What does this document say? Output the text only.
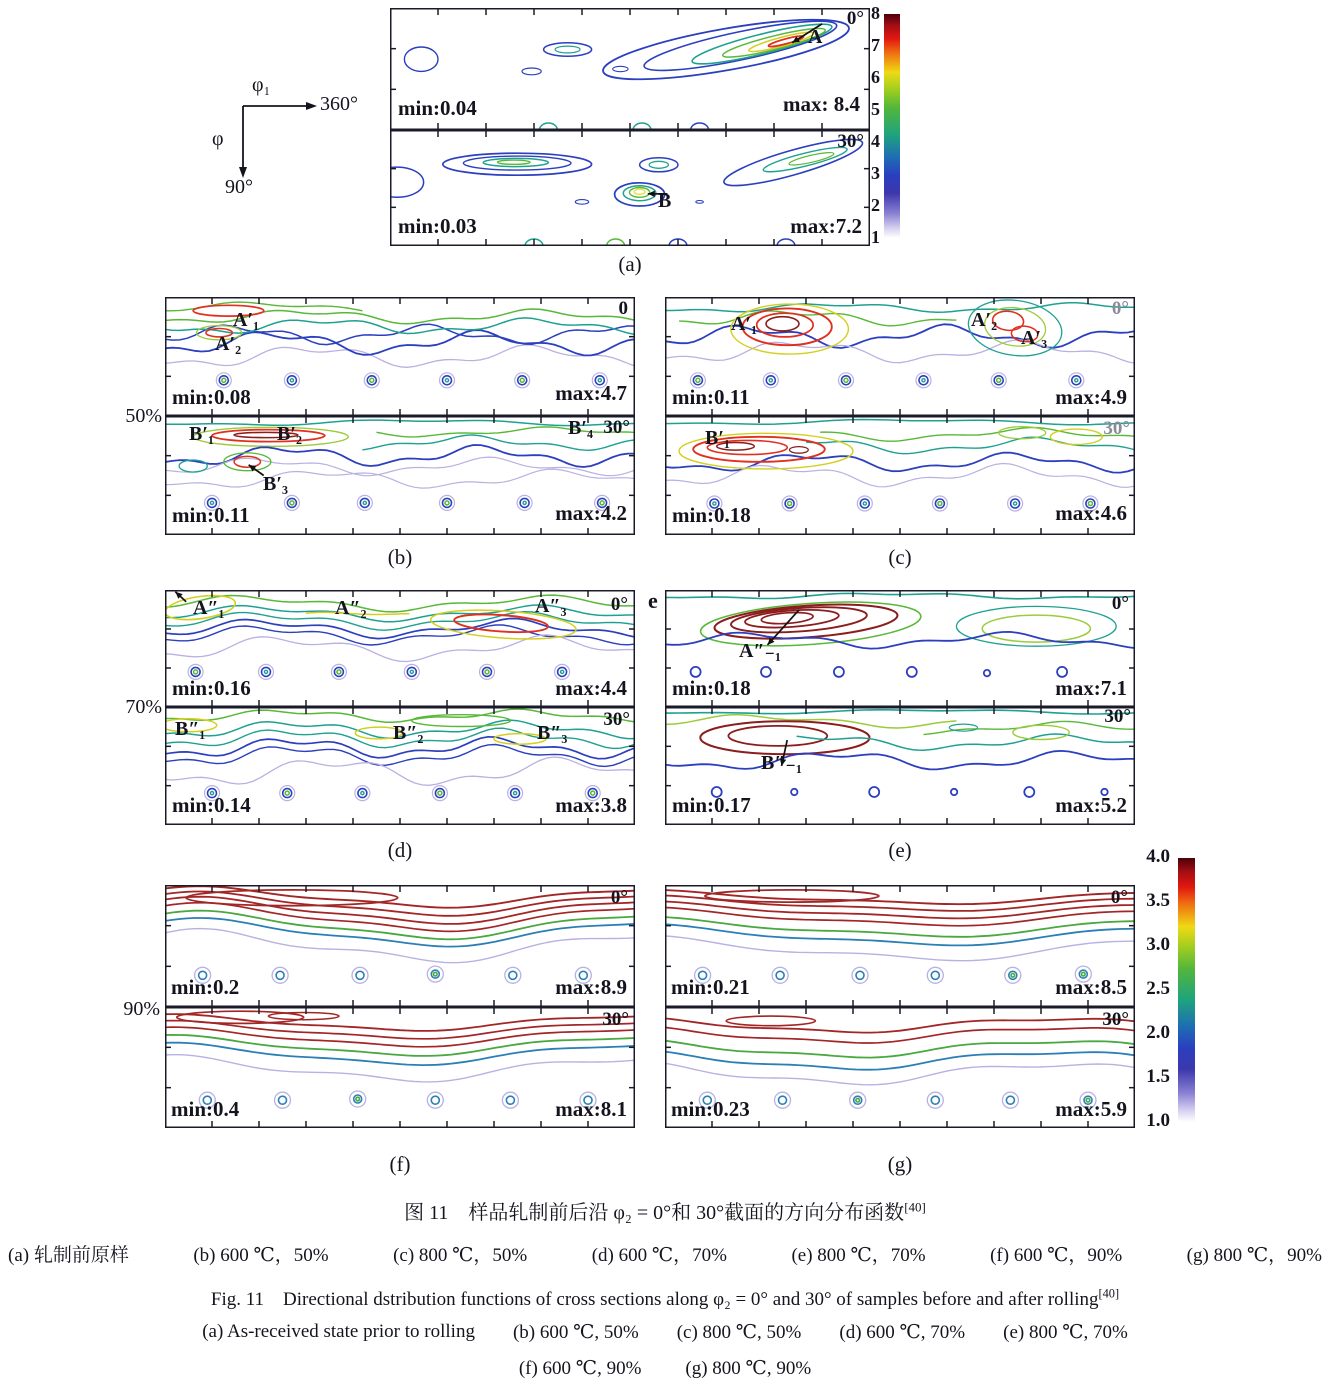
φ₁
360°
φ
90°
0°
A
min:0.04	max: 8.4
30°
B
min:0.03	max:7.2
8
7
6
5
4
3
2
1
(a)
50%
0
A′₁
A′₂
min:0.08	max:4.7
30°
B′₄
B′₁	B′₂
B′₃
min:0.11	max:4.2
0°
A′₁	A′₂
A′₃
min:0.11	max:4.9
30°
B′₁
min:0.18	max:4.6
(b)	(c)
70%
e
0°
A″₁	A″₂	A″₃
min:0.16	max:4.4
30°
B″₁	B″₂	B″₃
min:0.14	max:3.8
0°
A″₋₁
min:0.18	max:7.1
30°
B″₋₁
min:0.17	max:5.2
(d)	(e)
90%
0°
min:0.2	max:8.9
30°
min:0.4	max:8.1
0°
min:0.21	max:8.5
30°
min:0.23	max:5.9
4.0
3.5
3.0
2.5
2.0
1.5
1.0
(f)	(g)
图 11　样品轧制前后沿 φ₂ = 0°和 30°截面的方向分布函数[40]
(a) 轧制前原样	(b) 600 ℃，50%	(c) 800 ℃，50%	(d) 600 ℃，70%	(e) 800 ℃，70%	(f) 600 ℃，90%	(g) 800 ℃，90%
Fig. 11　Directional dstribution functions of cross sections along φ₂ = 0° and 30° of samples before and after rolling[40]
(a) As-received state prior to rolling (b) 600 ℃, 50% (c) 800 ℃, 50% (d) 600 ℃, 70% (e) 800 ℃, 70%
(f) 600 ℃, 90% (g) 800 ℃, 90%
